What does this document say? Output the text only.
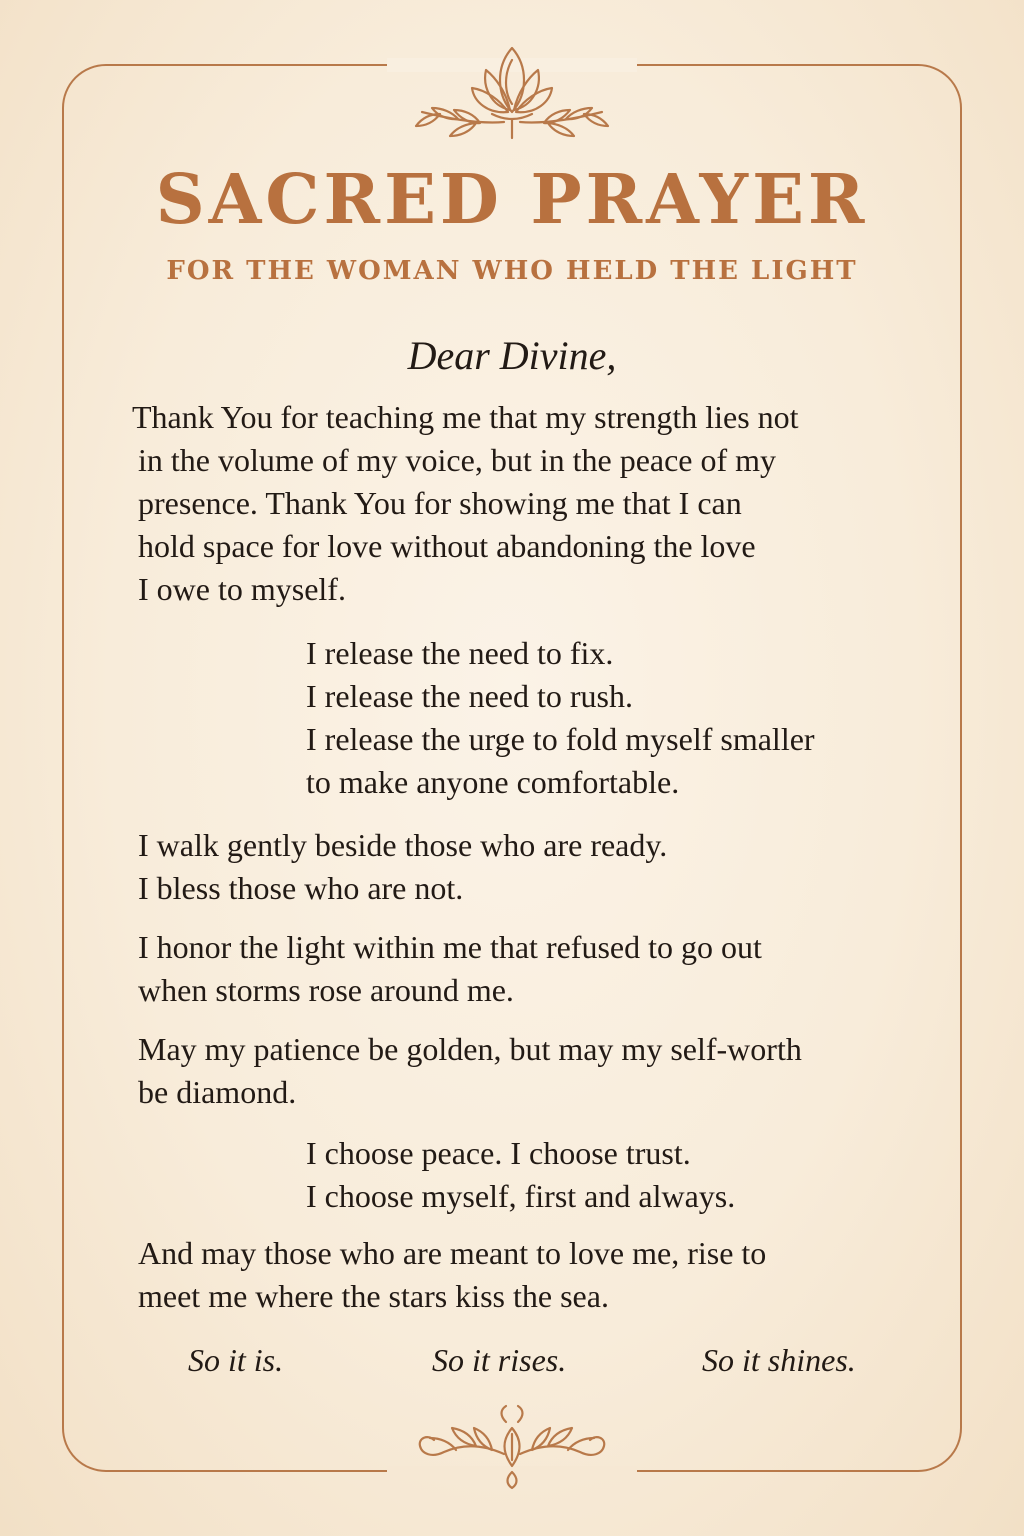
SACRED PRAYER
FOR THE WOMAN WHO HELD THE LIGHT

Dear Divine,

Thank You for teaching me that my strength lies not
in the volume of my voice, but in the peace of my
presence. Thank You for showing me that I can
hold space for love without abandoning the love
I owe to myself.

I release the need to fix.
I release the need to rush.
I release the urge to fold myself smaller
to make anyone comfortable.

I walk gently beside those who are ready.
I bless those who are not.

I honor the light within me that refused to go out
when storms rose around me.

May my patience be golden, but may my self-worth
be diamond.

I choose peace. I choose trust.
I choose myself, first and always.

And may those who are meant to love me, rise to
meet me where the stars kiss the sea.

So it is.	So it rises.	So it shines.
